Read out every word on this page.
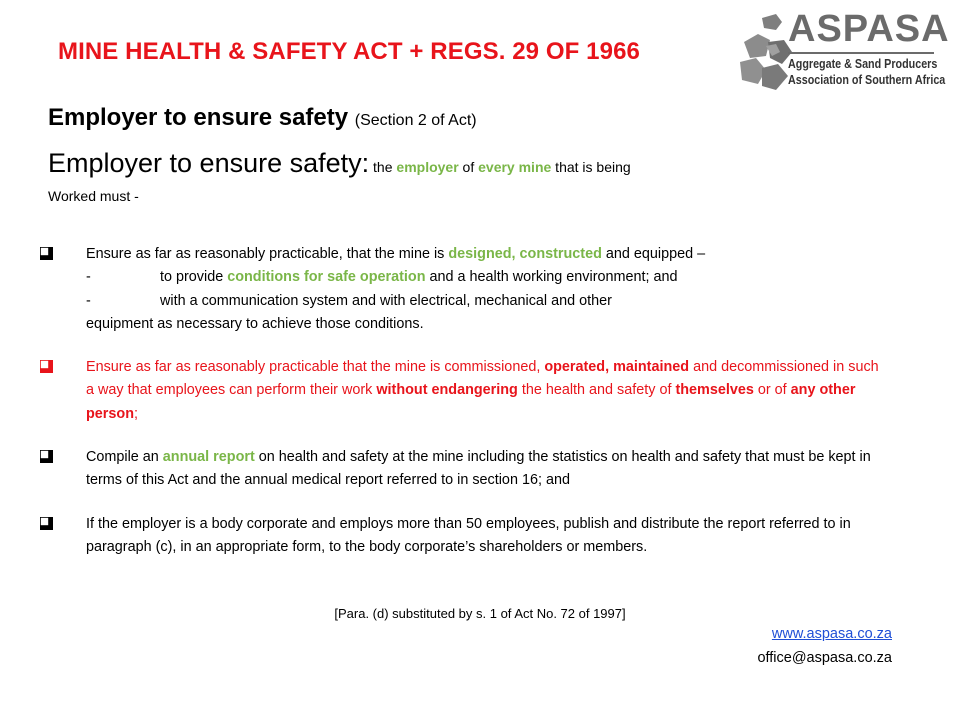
MINE HEALTH & SAFETY ACT + REGS. 29 OF 1966
ASPASA
Aggregate & Sand Producers
Association of Southern Africa
Employer to ensure safety (Section 2 of Act)
Employer to ensure safety: the employer of every mine that is being
Worked must -
Ensure as far as reasonably practicable, that the mine is designed, constructed and equipped –
-	to provide conditions for safe operation and a health working environment; and
-	with a communication system and with electrical, mechanical and other
equipment as necessary to achieve those conditions.
Ensure as far as reasonably practicable that the mine is commissioned, operated, maintained and decommissioned in such a way that employees can perform their work without endangering the health and safety of themselves or of any other person;
Compile an annual report on health and safety at the mine including the statistics on health and safety that must be kept in terms of this Act and the annual medical report referred to in section 16; and
If the employer is a body corporate and employs more than 50 employees, publish and distribute the report referred to in paragraph (c), in an appropriate form, to the body corporate’s shareholders or members.
[Para. (d) substituted by s. 1 of Act No. 72 of 1997]
www.aspasa.co.za
office@aspasa.co.za
